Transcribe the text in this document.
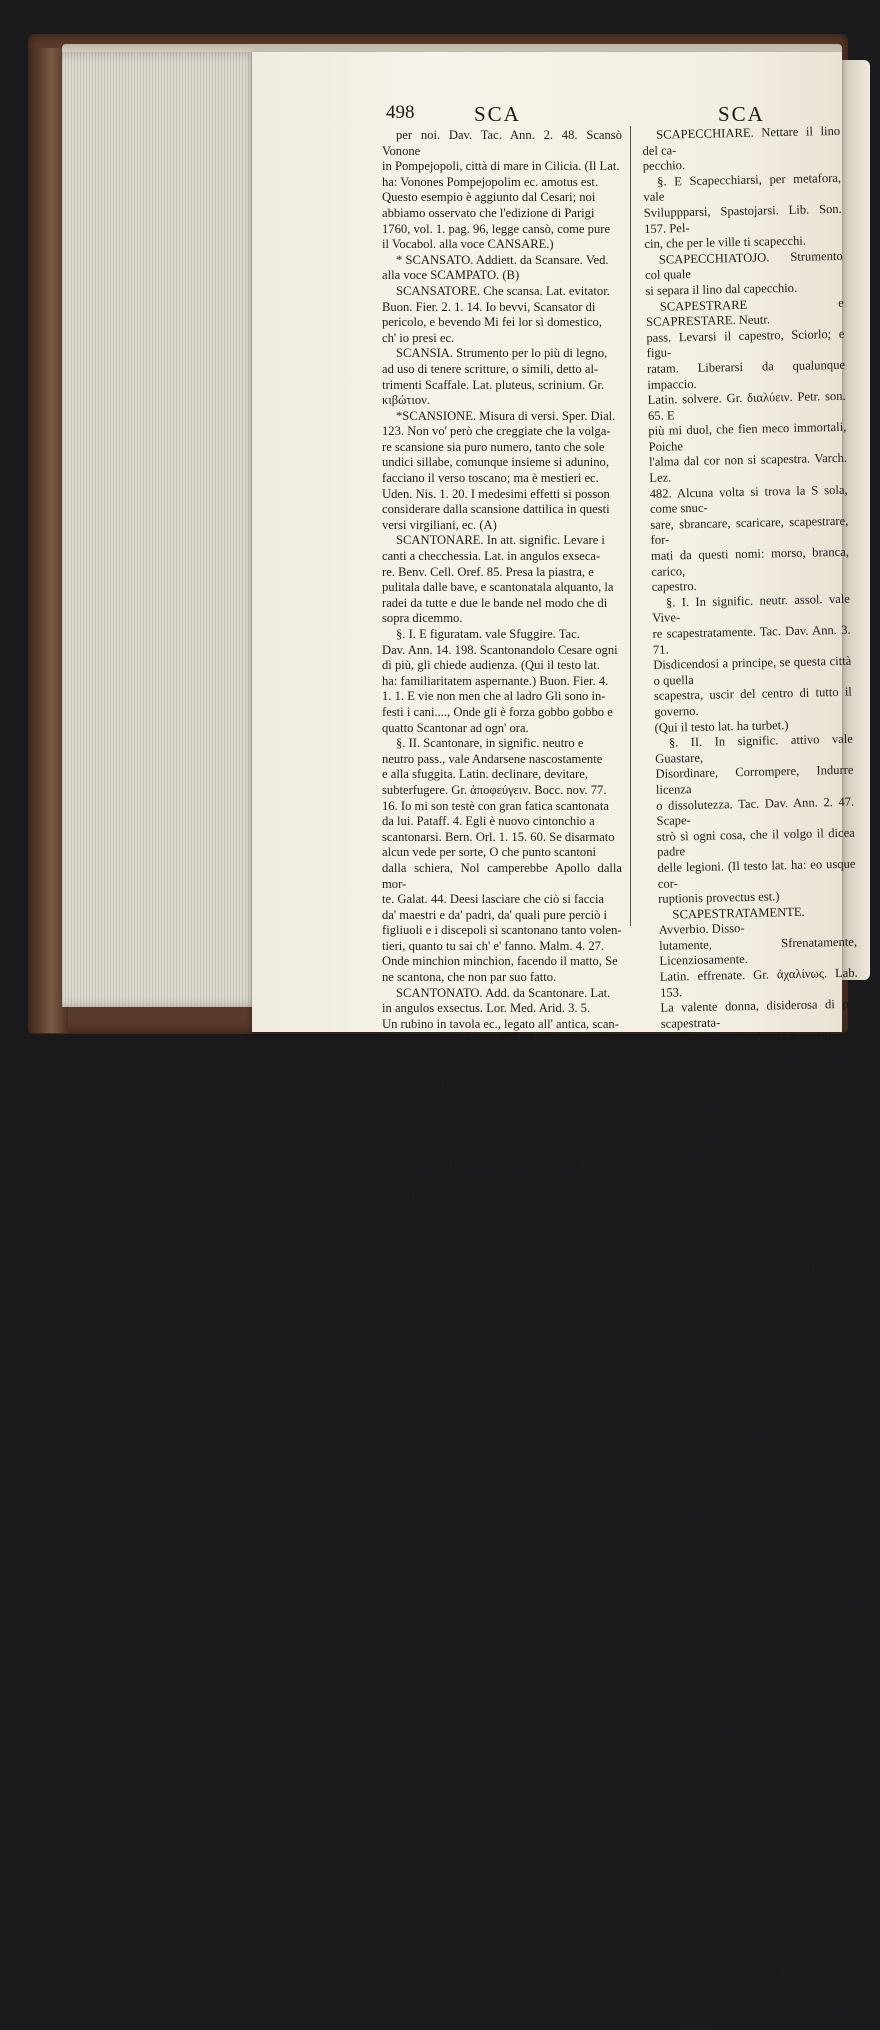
498	SCA	SCA
per noi. Dav. Tac. Ann. 2. 48. Scansò Vonone
in Pompejopoli, città di mare in Cilicia. (Il Lat.
ha: Vonones Pompejopolim ec. amotus est.
Questo esempio è aggiunto dal Cesari; noi
abbiamo osservato che l'edizione di Parigi
1760, vol. 1. pag. 96, legge cansò, come pure
il Vocabol. alla voce CANSARE.)
* SCANSATO. Addiett. da Scansare. Ved.
alla voce SCAMPATO. (B)
SCANSATORE. Che scansa. Lat. evitator.
Buon. Fier. 2. 1. 14. Io bevvi, Scansator di
pericolo, e bevendo Mi fei lor sì domestico,
ch' io presi ec.
SCANSIA. Strumento per lo più di legno,
ad uso di tenere scritture, o simili, detto al-
trimenti Scaffale. Lat. pluteus, scrinium. Gr.
κιβώτιον.
*SCANSIONE. Misura di versi. Sper. Dial.
123. Non vo' però che creggiate che la volga-
re scansione sia puro numero, tanto che sole
undici sillabe, comunque insieme si adunino,
facciano il verso toscano; ma è mestieri ec.
Uden. Nis. 1. 20. I medesimi effetti si posson
considerare dalla scansione dattilica in questi
versi virgiliani, ec. (A)
SCANTONARE. In att. signific. Levare i
canti a checchessia. Lat. in angulos exseca-
re. Benv. Cell. Oref. 85. Presa la piastra, e
pulitala dalle bave, e scantonatala alquanto, la
radei da tutte e due le bande nel modo che di
sopra dicemmo.
§. I. E figuratam. vale Sfuggire. Tac.
Dav. Ann. 14. 198. Scantonandolo Cesare ogni
dì più, gli chiede audienza. (Qui il testo lat.
ha: familiaritatem aspernante.) Buon. Fier. 4.
1. 1. E vie non men che al ladro Gli sono in-
festi i cani...., Onde gli è forza gobbo gobbo e
quatto Scantonar ad ogn' ora.
§. II. Scantonare, in signific. neutro e
neutro pass., vale Andarsene nascostamente
e alla sfuggita. Latin. declinare, devitare,
subterfugere. Gr. ἀποφεύγειν. Bocc. nov. 77.
16. Io mi son testè con gran fatica scantonata
da lui. Pataff. 4. Egli è nuovo cintonchio a
scantonarsi. Bern. Orl. 1. 15. 60. Se disarmato
alcun vede per sorte, O che punto scantoni
dalla schiera, Nol camperebbe Apollo dalla mor-
te. Galat. 44. Deesi lasciare che ciò si faccia
da' maestri e da' padri, da' quali pure perciò i
figliuoli e i discepoli si scantonano tanto volen-
tieri, quanto tu sai ch' e' fanno. Malm. 4. 27.
Onde minchion minchion, facendo il matto, Se
ne scantona, che non par suo fatto.
SCANTONATO. Add. da Scantonare. Lat.
in angulos exsectus. Lor. Med. Arid. 3. 5.
Un rubino in tavola ec., legato all' antica, scan-
tonato un poco da una banda. Benv. Cell. Oref.
86. La detta penna debb' essere scantonata e
tonda.
* SCANTONATURA. Il luogo o la parte
scantonata. Baldin. Dec. Tra le scantonature
della sala ec. gli angoli che lascia l'ovato del
vestibolo. Mozz. S. Cresc. Scalino ec., con va-
ghe scantonature nelle sue estremità. (A)
* SCAPARE. Termine de' Pescatori. Le-
var la testa all' acciughe prima di salar-
le. (A)
SCAPECCHIARE. Nettare il lino del ca-
pecchio.
§. E Scapecchiarsi, per metafora, vale
Sviluppparsi, Spastojarsi. Lib. Son. 157. Pel-
cin, che per le ville ti scapecchi.
SCAPECCHIATOJO. Strumento col quale
si separa il lino dal capecchio.
SCAPESTRARE e SCAPRESTARE. Neutr.
pass. Levarsi il capestro, Sciorlo; e figu-
ratam. Liberarsi da qualunque impaccio.
Latin. solvere. Gr. διαλύειν. Petr. son. 65. E
più mi duol, che fien meco immortali, Poiche
l'alma dal cor non si scapestra. Varch. Lez.
482. Alcuna volta si trova la S sola, come snuc-
sare, sbrancare, scaricare, scapestrare, for-
mati da questi nomi: morso, branca, carico,
capestro.
§. I. In signific. neutr. assol. vale Vive-
re scapestratamente. Tac. Dav. Ann. 3. 71.
Disdicendosi a principe, se questa città o quella
scapestra, uscir del centro di tutto il governo.
(Qui il testo lat. ha turbet.)
§. II. In signific. attivo vale Guastare,
Disordinare, Corrompere, Indurre licenza
o dissolutezza. Tac. Dav. Ann. 2. 47. Scape-
strò sì ogni cosa, che il volgo il dicea padre
delle legioni. (Il testo lat. ha: eo usque cor-
ruptionis provectus est.)
SCAPESTRATAMENTE. Avverbio. Disso-
lutamente, Sfrenatamente, Licenziosamente.
Latin. effrenate. Gr. ἀχαλίνως. Lab. 153.
La valente donna, disiderosa di più scapestrata-
mente la sua vecchiezza menare, che non le avea
paruto potere la giovanezza. Filostr. Poiché più
senno ti sarà il tacere, Che favellare scapestrata-
tamente. Bemb. Asol. 3. 197. La ragione guida
il senso, il quale, dal caldo della vaghezza gio-
vanezza portato, non l'ascolta, qua e là, donde
esso vuole, scapestratamente trabocca.
* SCAPESTRATISSIMO. Superl. di Scape-
strato. Lall. En. Trav. 6. 22. (Berg)
SCAPESTRATO e SCAPRESTATO. Addiett.
da Scapestrare e Scaprestare. Lat. effrena-
tus. Gr. ἀχάλινος. Fior. Ital. D. Andava con
quel vigore e con quella gagliardia, che va il
cavallo scapestrato e sfrenato.
§. I. Per metaf. vale Dissoluto, Sfrena-
to, Licenzioso. Lat. solutus, effrenis. Gr.
ἀχάλινος. Bocc. nov. 29. 12. Quivi trovando
ella, per lo lungo tempo che senza Conte stato
v'era, ogni cosa guasta e scapestrata ec., ogni
cosa rimise in ordine. Tac. Dav. Ann. 2. 51.
D'Affrica a questa guerra ogni malandrino e sca-
pestrato più correva. (Il testo lat. ha: moribus
turbidus.) Buon. Fier. 4. 5. 3. E scapestrata a
suo talento ha fatto Il peggio ch' ella può ovun-
que per tutto.
§. II. Alla scapestrata, posto avverbialm.
Ved. ALLA SCAPESTRATA.
* SCAPEZZAMENTO. Lo scapezzare.
Uden. Nis. 1. 19. Qui si noti ec. lo scapezza-
mento sillabico in sermoneni; e tutte per av-
vire ec. (A)
SCAPEZZARE. Tagliare i rami agli alberi
insino in sul tronco; che altrimenti si dice
Tagliare a corona. Lat. amputare. Gr. ἀπο-
κόπτειν. Pallad. cap. 41. Coltellesco è perché
